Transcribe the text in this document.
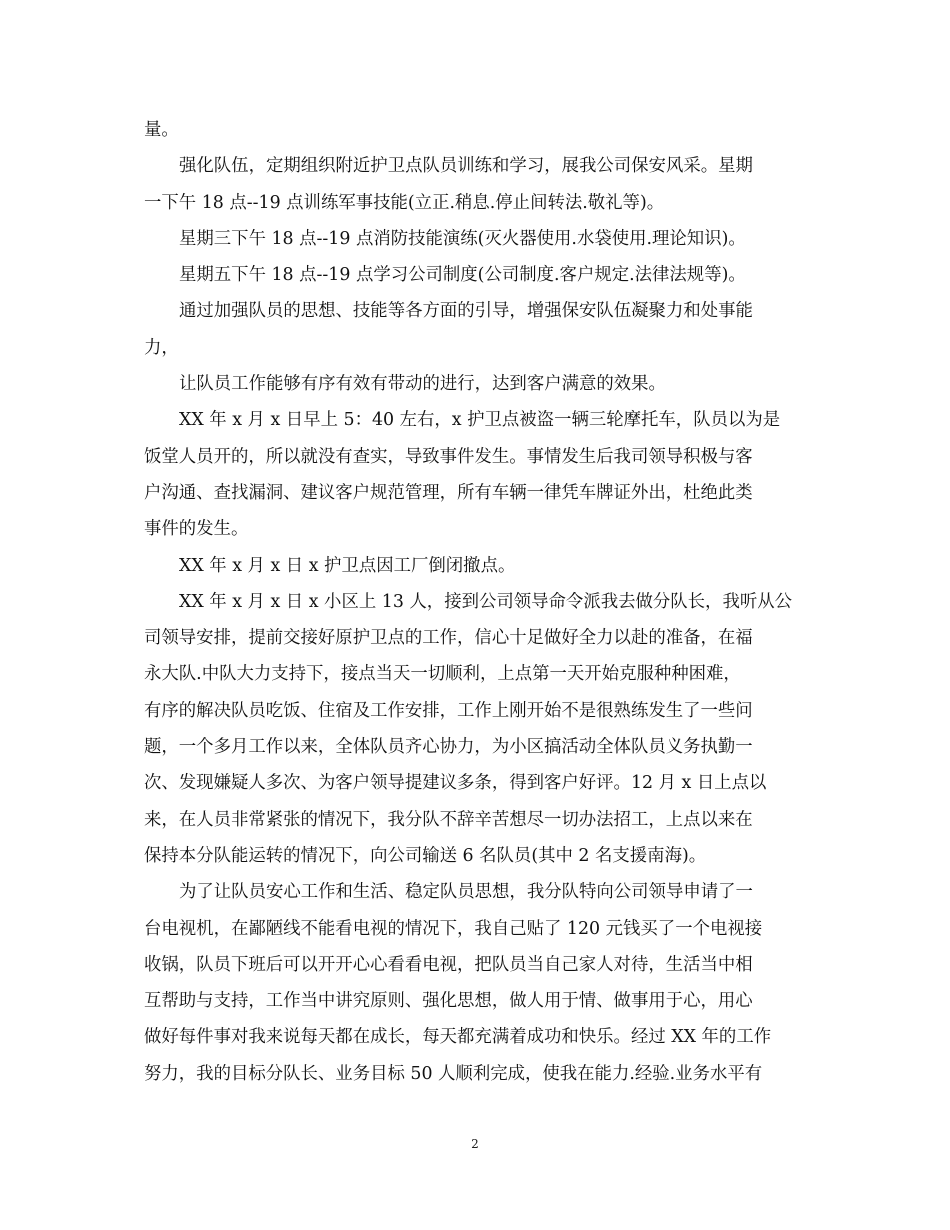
量。
强化队伍，定期组织附近护卫点队员训练和学习，展我公司保安风采。星期
一下午 18 点--19 点训练军事技能(立正.稍息.停止间转法.敬礼等)。
星期三下午 18 点--19 点消防技能演练(灭火器使用.水袋使用.理论知识)。
星期五下午 18 点--19 点学习公司制度(公司制度.客户规定.法律法规等)。
通过加强队员的思想、技能等各方面的引导，增强保安队伍凝聚力和处事能
力，
让队员工作能够有序有效有带动的进行，达到客户满意的效果。
XX 年 x 月 x 日早上 5：40 左右，x 护卫点被盗一辆三轮摩托车，队员以为是
饭堂人员开的，所以就没有查实，导致事件发生。事情发生后我司领导积极与客
户沟通、查找漏洞、建议客户规范管理，所有车辆一律凭车牌证外出，杜绝此类
事件的发生。
XX 年 x 月 x 日 x 护卫点因工厂倒闭撤点。
XX 年 x 月 x 日 x 小区上 13 人，接到公司领导命令派我去做分队长，我听从公
司领导安排，提前交接好原护卫点的工作，信心十足做好全力以赴的准备，在福
永大队.中队大力支持下，接点当天一切顺利，上点第一天开始克服种种困难，
有序的解决队员吃饭、住宿及工作安排，工作上刚开始不是很熟练发生了一些问
题，一个多月工作以来，全体队员齐心协力，为小区搞活动全体队员义务执勤一
次、发现嫌疑人多次、为客户领导提建议多条，得到客户好评。12 月 x 日上点以
来，在人员非常紧张的情况下，我分队不辞辛苦想尽一切办法招工，上点以来在
保持本分队能运转的情况下，向公司输送 6 名队员(其中 2 名支援南海)。
为了让队员安心工作和生活、稳定队员思想，我分队特向公司领导申请了一
台电视机，在鄙陋线不能看电视的情况下，我自己贴了 120 元钱买了一个电视接
收锅，队员下班后可以开开心心看看电视，把队员当自己家人对待，生活当中相
互帮助与支持，工作当中讲究原则、强化思想，做人用于情、做事用于心，用心
做好每件事对我来说每天都在成长，每天都充满着成功和快乐。经过 XX 年的工作
努力，我的目标分队长、业务目标 50 人顺利完成，使我在能力.经验.业务水平有
2
